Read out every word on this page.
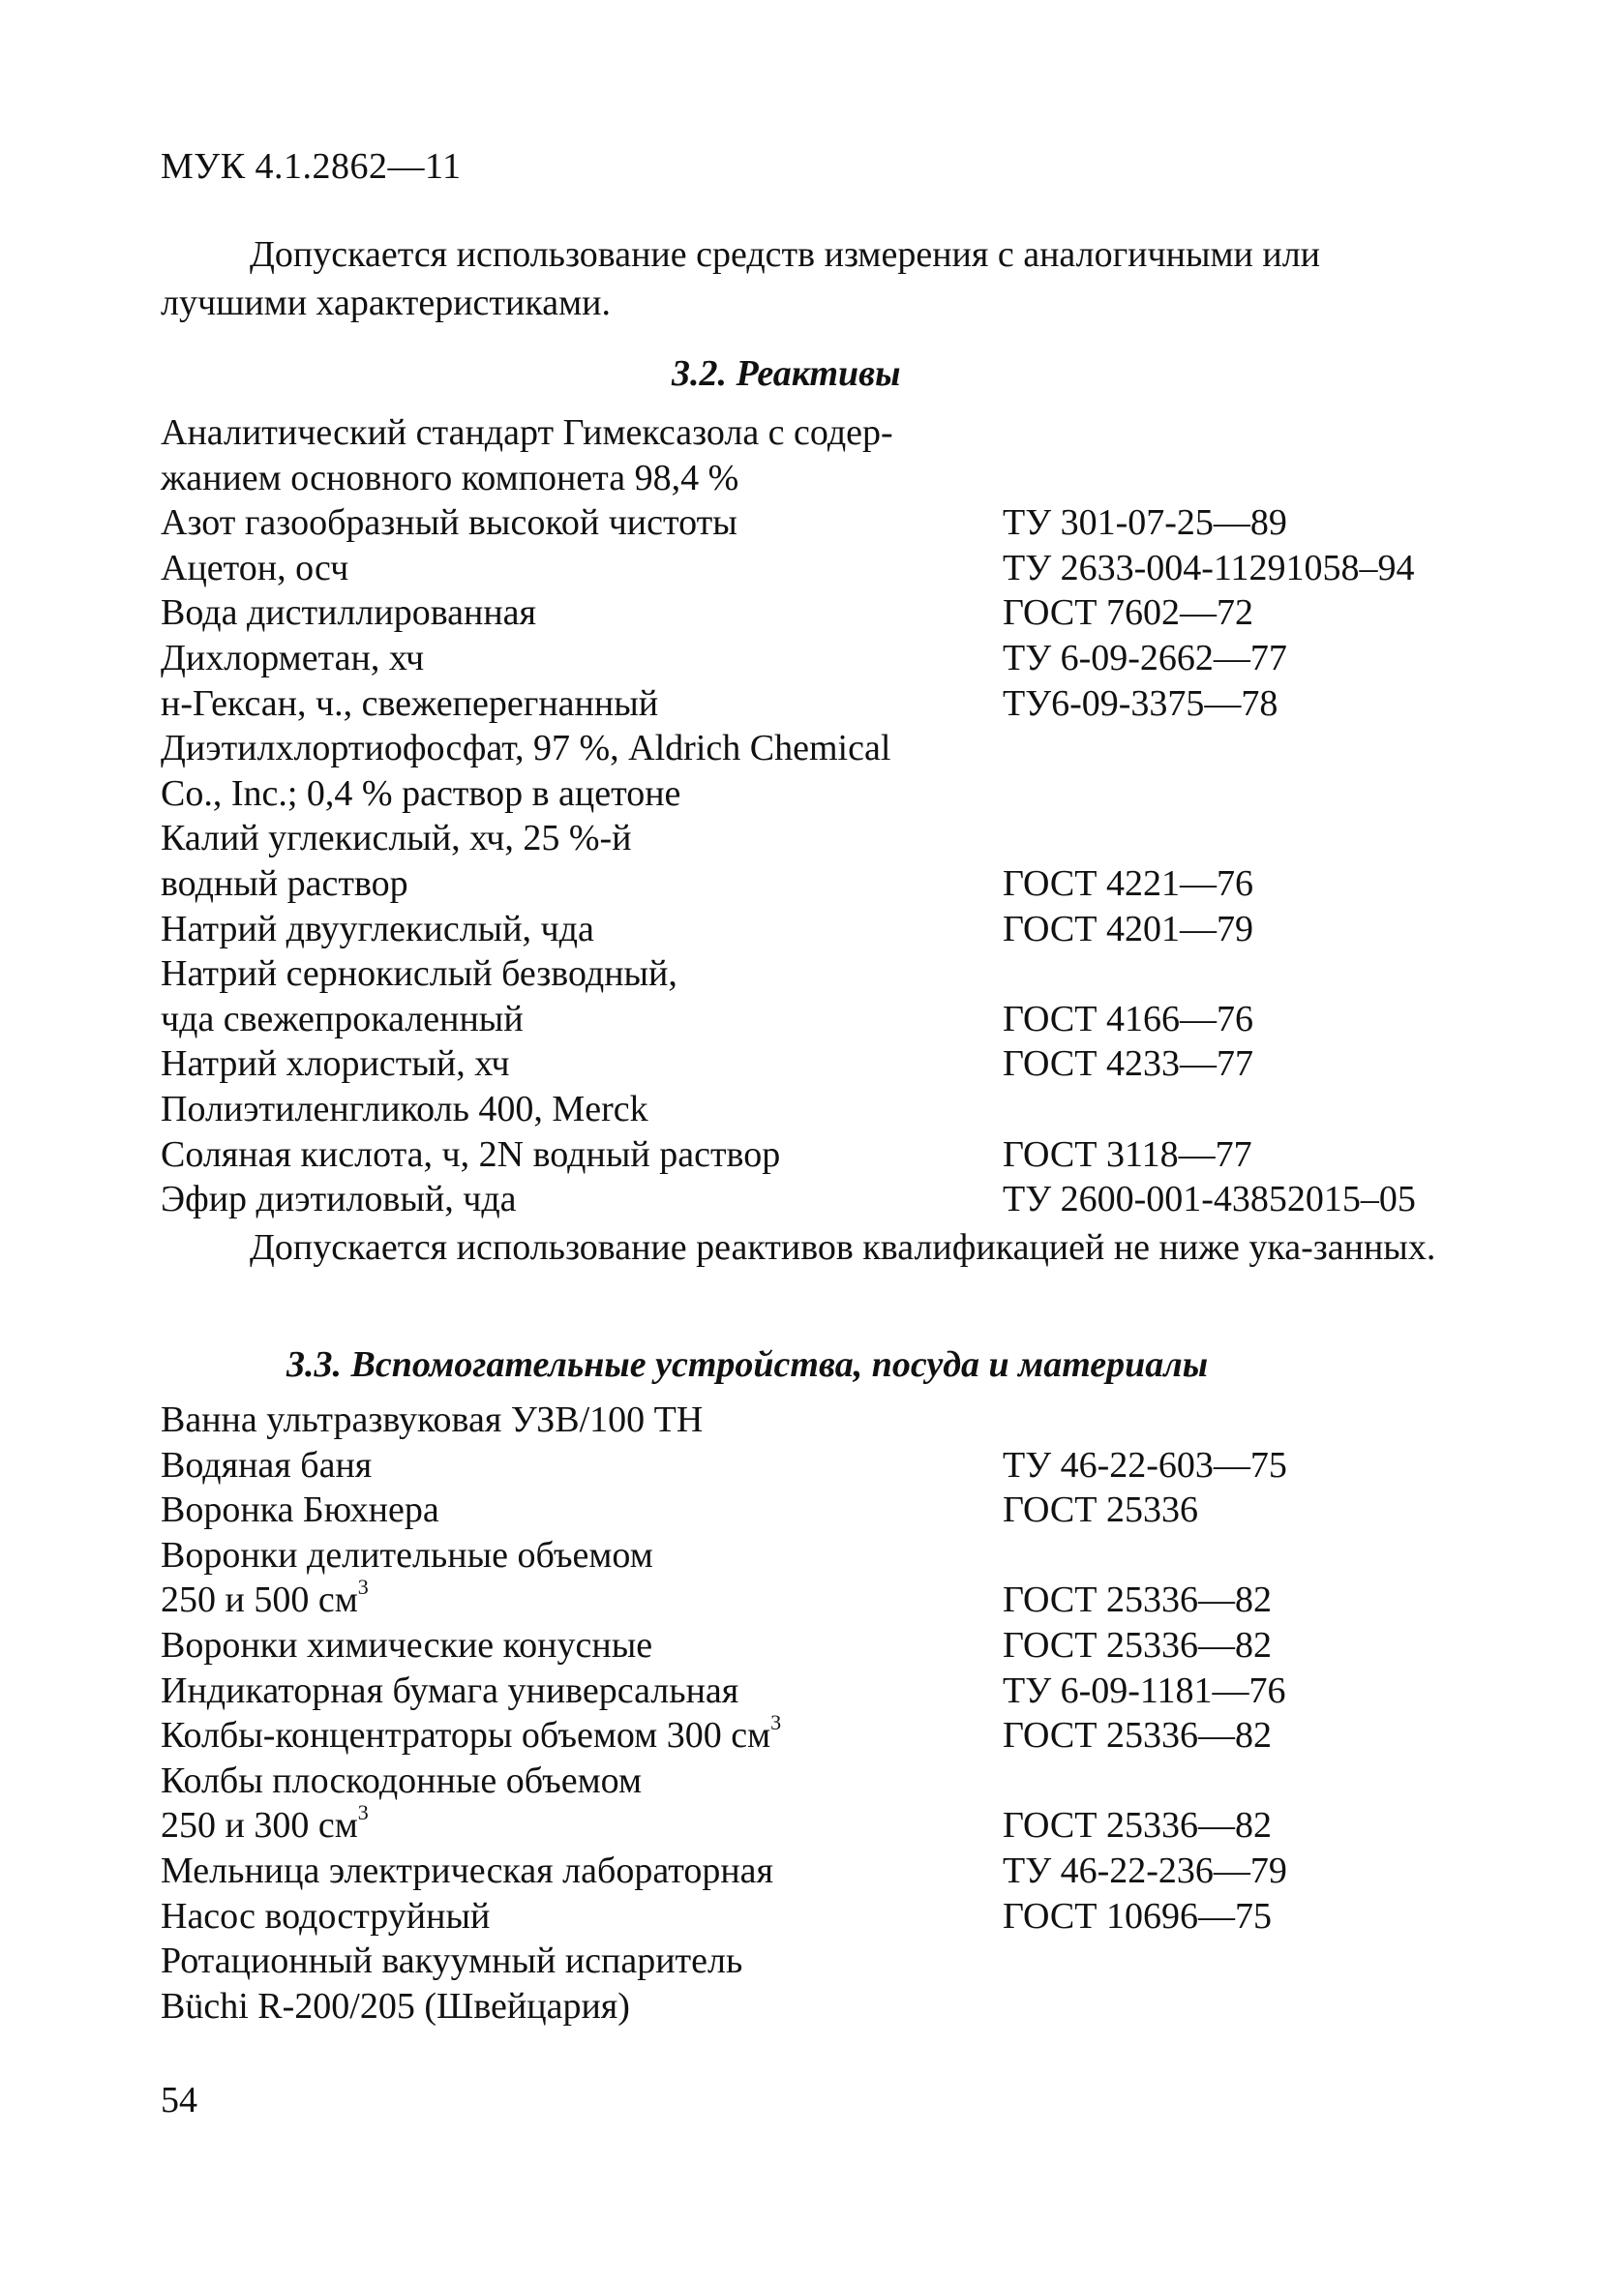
МУК 4.1.2862—11
Допускается использование средств измерения с аналогичными или лучшими характеристиками.
3.2. Реактивы
Аналитический стандарт Гимексазола с содер-
жанием основного компонета 98,4 %
Азот газообразный высокой чистоты	ТУ 301-07-25—89
Ацетон, осч	ТУ 2633-004-11291058–94
Вода дистиллированная	ГОСТ 7602—72
Дихлорметан, хч	ТУ 6-09-2662—77
н-Гексан, ч., свежеперегнанный	ТУ6-09-3375—78
Диэтилхлортиофосфат, 97 %, Aldrich Chemical
Co., Inc.; 0,4 % раствор в ацетоне
Калий углекислый, хч, 25 %-й
водный раствор	ГОСТ 4221—76
Натрий двууглекислый, чда	ГОСТ 4201—79
Натрий сернокислый безводный,
чда свежепрокаленный	ГОСТ 4166—76
Натрий хлористый, хч	ГОСТ 4233—77
Полиэтиленгликоль 400, Merck
Соляная кислота, ч, 2N водный раствор	ГОСТ 3118—77
Эфир диэтиловый, чда	ТУ 2600-001-43852015–05
Допускается использование реактивов квалификацией не ниже ука-занных.
3.3. Вспомогательные устройства, посуда и материалы
Ванна ультразвуковая УЗВ/100 ТН
Водяная баня	ТУ 46-22-603—75
Воронка Бюхнера	ГОСТ 25336
Воронки делительные объемом
250 и 500 $см^3$	ГОСТ 25336—82
Воронки химические конусные	ГОСТ 25336—82
Индикаторная бумага универсальная	ТУ 6-09-1181—76
Колбы-концентраторы объемом 300 $см^3$	ГОСТ 25336—82
Колбы плоскодонные объемом
250 и 300 $см^3$	ГОСТ 25336—82
Мельница электрическая лабораторная	ТУ 46-22-236—79
Насос водоструйный	ГОСТ 10696—75
Ротационный вакуумный испаритель
Büchi R-200/205 (Швейцария)
54
